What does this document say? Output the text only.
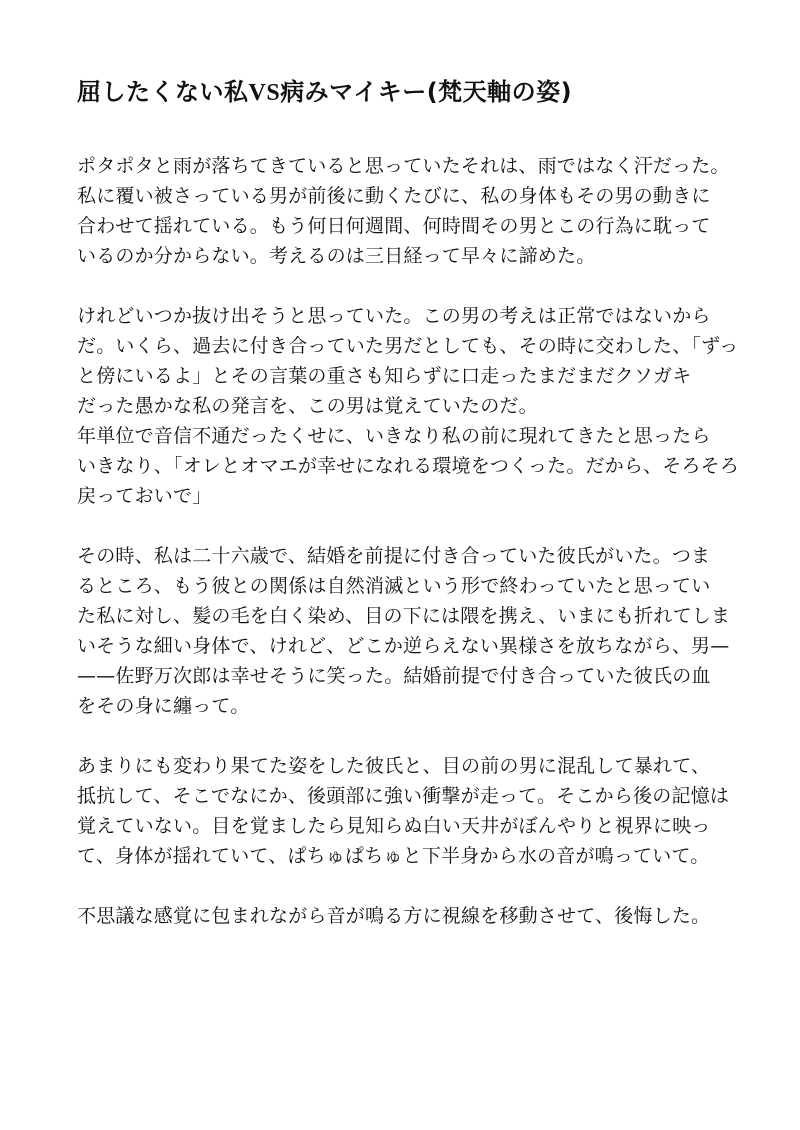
屈したくない私VS病みマイキー(梵天軸の姿)
ポタポタと雨が落ちてきていると思っていたそれは、雨ではなく汗だった。
私に覆い被さっている男が前後に動くたびに、私の身体もその男の動きに
合わせて揺れている。もう何日何週間、何時間その男とこの行為に耽って
いるのか分からない。考えるのは三日経って早々に諦めた。
けれどいつか抜け出そうと思っていた。この男の考えは正常ではないから
だ。いくら、過去に付き合っていた男だとしても、その時に交わした、「ずっ
と傍にいるよ」とその言葉の重さも知らずに口走ったまだまだクソガキ
だった愚かな私の発言を、この男は覚えていたのだ。
年単位で音信不通だったくせに、いきなり私の前に現れてきたと思ったら
いきなり、「オレとオマエが幸せになれる環境をつくった。だから、そろそろ
戻っておいで」
その時、私は二十六歳で、結婚を前提に付き合っていた彼氏がいた。つま
るところ、もう彼との関係は自然消滅という形で終わっていたと思ってい
た私に対し、髪の毛を白く染め、目の下には隈を携え、いまにも折れてしま
いそうな細い身体で、けれど、どこか逆らえない異様さを放ちながら、男—
——佐野万次郎は幸せそうに笑った。結婚前提で付き合っていた彼氏の血
をその身に纏って。
あまりにも変わり果てた姿をした彼氏と、目の前の男に混乱して暴れて、
抵抗して、そこでなにか、後頭部に強い衝撃が走って。そこから後の記憶は
覚えていない。目を覚ましたら見知らぬ白い天井がぼんやりと視界に映っ
て、身体が揺れていて、ぱちゅぱちゅと下半身から水の音が鳴っていて。
不思議な感覚に包まれながら音が鳴る方に視線を移動させて、後悔した。
